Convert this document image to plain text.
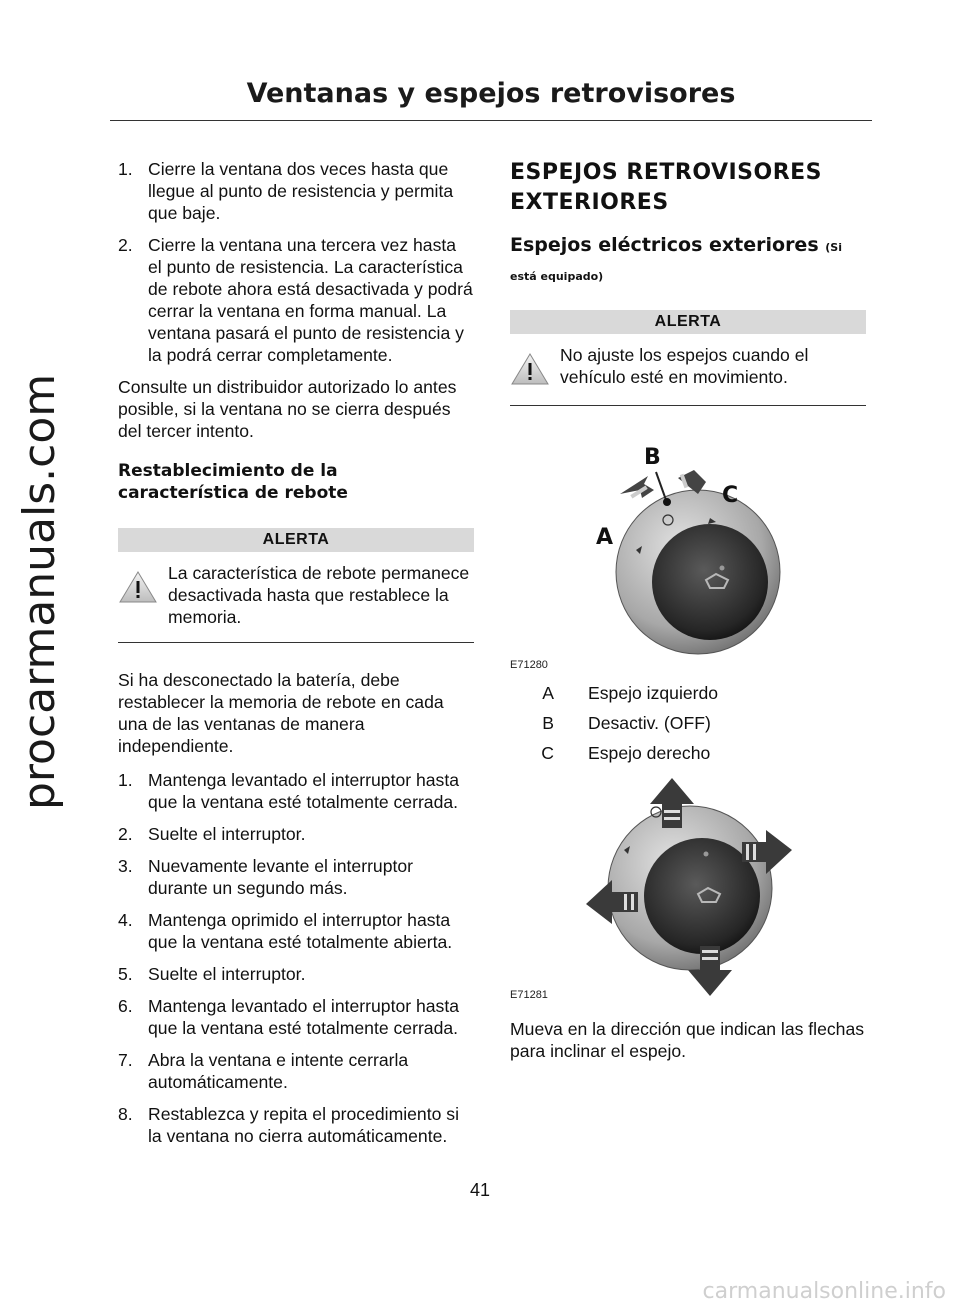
procarmanuals.com
Ventanas y espejos retrovisores
1. Cierre la ventana dos veces hasta que llegue al punto de resistencia y permita que baje.
2. Cierre la ventana una tercera vez hasta el punto de resistencia. La característica de rebote ahora está desactivada y podrá cerrar la ventana en forma manual. La ventana pasará el punto de resistencia y la podrá cerrar completamente.

Consulte un distribuidor autorizado lo antes posible, si la ventana no se cierra después del tercer intento.

Restablecimiento de la característica de rebote
ALERTA
La característica de rebote permanece desactivada hasta que restablece la memoria.

Si ha desconectado la batería, debe restablecer la memoria de rebote en cada una de las ventanas de manera independiente.

1. Mantenga levantado el interruptor hasta que la ventana esté totalmente cerrada.
2. Suelte el interruptor.
3. Nuevamente levante el interruptor durante un segundo más.
4. Mantenga oprimido el interruptor hasta que la ventana esté totalmente abierta.
5. Suelte el interruptor.
6. Mantenga levantado el interruptor hasta que la ventana esté totalmente cerrada.
7. Abra la ventana e intente cerrarla automáticamente.
8. Restablezca y repita el procedimiento si la ventana no cierra automáticamente.
ESPEJOS RETROVISORES EXTERIORES
Espejos eléctricos exteriores (Si está equipado)
ALERTA
No ajuste los espejos cuando el vehículo esté en movimiento.
B
C
A
E71280
A	Espejo izquierdo
B	Desactiv. (OFF)
C	Espejo derecho
E71281

Mueva en la dirección que indican las flechas para inclinar el espejo.

41
carmanualsonline.info
